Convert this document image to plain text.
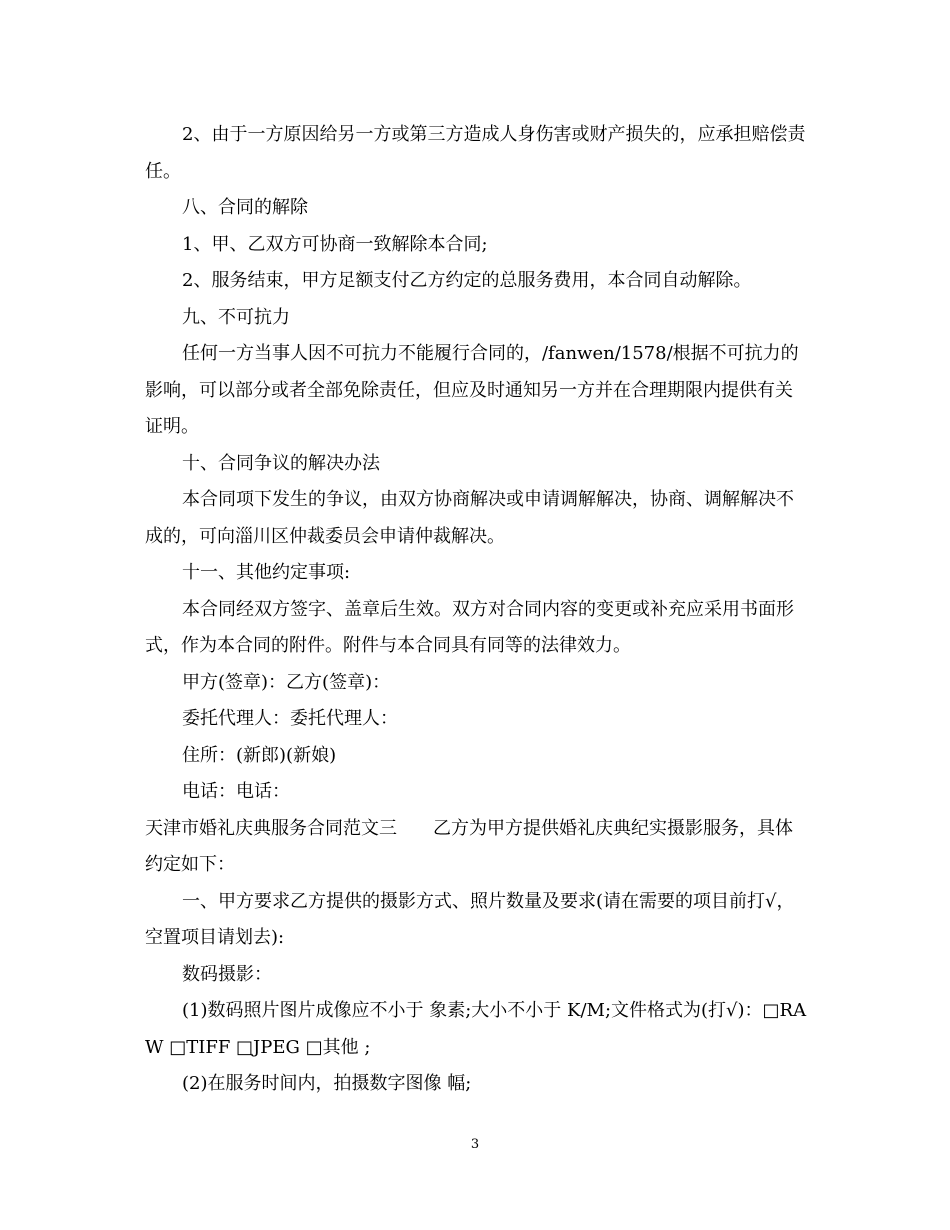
2、由于一方原因给另一方或第三方造成人身伤害或财产损失的，应承担赔偿责任。

八、合同的解除

1、甲、乙双方可协商一致解除本合同;

2、服务结束，甲方足额支付乙方约定的总服务费用，本合同自动解除。

九、不可抗力

任何一方当事人因不可抗力不能履行合同的，/fanwen/1578/根据不可抗力的影响，可以部分或者全部免除责任，但应及时通知另一方并在合理期限内提供有关证明。

十、合同争议的解决办法

本合同项下发生的争议，由双方协商解决或申请调解解决，协商、调解解决不成的，可向淄川区仲裁委员会申请仲裁解决。

十一、其他约定事项:

本合同经双方签字、盖章后生效。双方对合同内容的变更或补充应采用书面形式，作为本合同的附件。附件与本合同具有同等的法律效力。

甲方(签章)：乙方(签章)：

委托代理人：委托代理人：

住所：(新郎)(新娘)

电话：电话：

天津市婚礼庆典服务合同范文三　　乙方为甲方提供婚礼庆典纪实摄影服务，具体约定如下：

一、甲方要求乙方提供的摄影方式、照片数量及要求(请在需要的项目前打√，空置项目请划去):

数码摄影：

(1)数码照片图片成像应不小于 象素;大小不小于 K/M;文件格式为(打√)：□RAW □TIFF □JPEG □其他 ;

(2)在服务时间内，拍摄数字图像 幅;

3
